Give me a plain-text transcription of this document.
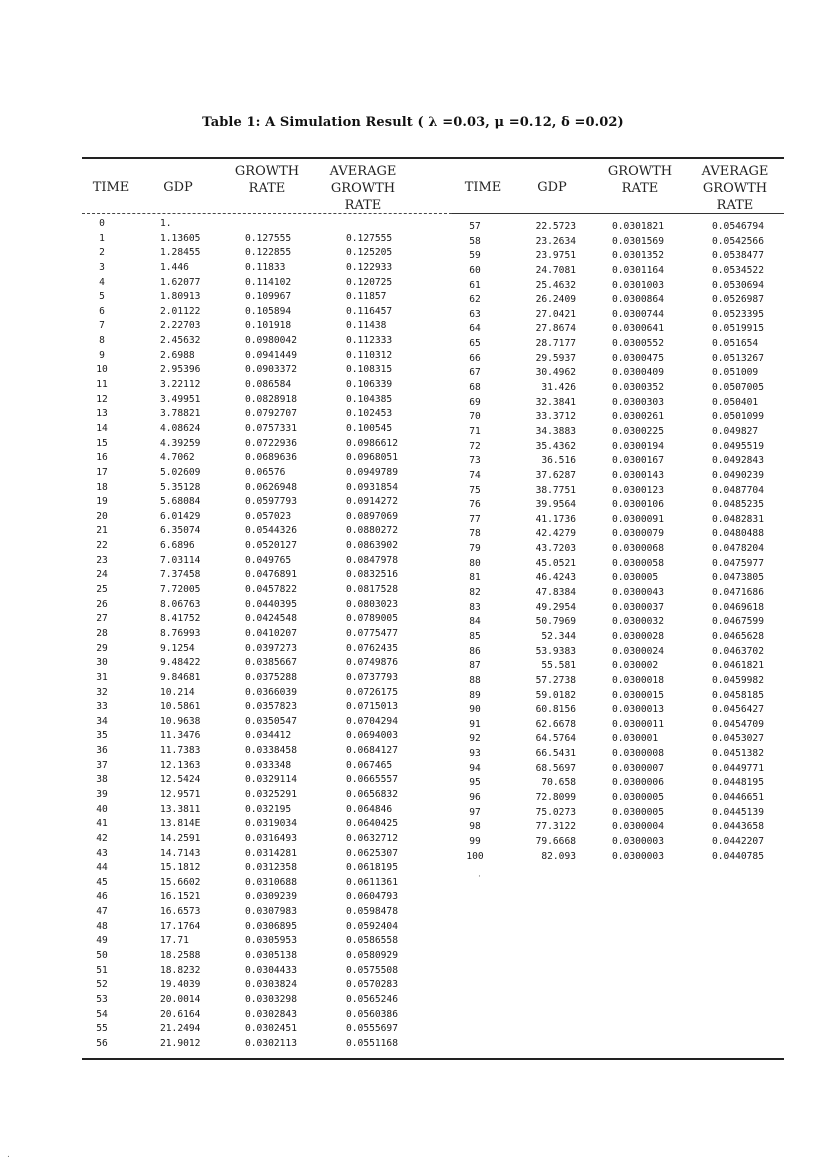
Table 1: A Simulation Result ( λ =0.03, μ =0.12, δ =0.02)
TIME	GDP
GROWTH
RATE
AVERAGE
GROWTH
RATE
TIME	GDP
GROWTH
RATE
AVERAGE
GROWTH
RATE
0
1
2
3
4
5
6
7
8
9
10
11
12
13
14
15
16
17
18
19
20
21
22
23
24
25
26
27
28
29
30
31
32
33
34
35
36
37
38
39
40
41
42
43
44
45
46
47
48
49
50
51
52
53
54
55
56
1.
1.13605
1.28455
1.446
1.62077
1.80913
2.01122
2.22703
2.45632
2.6988
2.95396
3.22112
3.49951
3.78821
4.08624
4.39259
4.7062
5.02609
5.35128
5.68084
6.01429
6.35074
6.6896
7.03114
7.37458
7.72005
8.06763
8.41752
8.76993
9.1254
9.48422
9.84681
10.214
10.5861
10.9638
11.3476
11.7383
12.1363
12.5424
12.9571
13.3811
13.814E
14.2591
14.7143
15.1812
15.6602
16.1521
16.6573
17.1764
17.71
18.2588
18.8232
19.4039
20.0014
20.6164
21.2494
21.9012
0.127555
0.122855
0.11833
0.114102
0.109967
0.105894
0.101918
0.0980042
0.0941449
0.0903372
0.086584
0.0828918
0.0792707
0.0757331
0.0722936
0.0689636
0.06576
0.0626948
0.0597793
0.057023
0.0544326
0.0520127
0.049765
0.0476891
0.0457822
0.0440395
0.0424548
0.0410207
0.0397273
0.0385667
0.0375288
0.0366039
0.0357823
0.0350547
0.034412
0.0338458
0.033348
0.0329114
0.0325291
0.032195
0.0319034
0.0316493
0.0314281
0.0312358
0.0310688
0.0309239
0.0307983
0.0306895
0.0305953
0.0305138
0.0304433
0.0303824
0.0303298
0.0302843
0.0302451
0.0302113
0.127555
0.125205
0.122933
0.120725
0.11857
0.116457
0.11438
0.112333
0.110312
0.108315
0.106339
0.104385
0.102453
0.100545
0.0986612
0.0968051
0.0949789
0.0931854
0.0914272
0.0897069
0.0880272
0.0863902
0.0847978
0.0832516
0.0817528
0.0803023
0.0789005
0.0775477
0.0762435
0.0749876
0.0737793
0.0726175
0.0715013
0.0704294
0.0694003
0.0684127
0.067465
0.0665557
0.0656832
0.064846
0.0640425
0.0632712
0.0625307
0.0618195
0.0611361
0.0604793
0.0598478
0.0592404
0.0586558
0.0580929
0.0575508
0.0570283
0.0565246
0.0560386
0.0555697
0.0551168
57
58
59
60
61
62
63
64
65
66
67
68
69
70
71
72
73
74
75
76
77
78
79
80
81
82
83
84
85
86
87
88
89
90
91
92
93
94
95
96
97
98
99
100
22.5723
23.2634
23.9751
24.7081
25.4632
26.2409
27.0421
27.8674
28.7177
29.5937
30.4962
31.426
32.3841
33.3712
34.3883
35.4362
36.516
37.6287
38.7751
39.9564
41.1736
42.4279
43.7203
45.0521
46.4243
47.8384
49.2954
50.7969
52.344
53.9383
55.581
57.2738
59.0182
60.8156
62.6678
64.5764
66.5431
68.5697
70.658
72.8099
75.0273
77.3122
79.6668
82.093
0.0301821
0.0301569
0.0301352
0.0301164
0.0301003
0.0300864
0.0300744
0.0300641
0.0300552
0.0300475
0.0300409
0.0300352
0.0300303
0.0300261
0.0300225
0.0300194
0.0300167
0.0300143
0.0300123
0.0300106
0.0300091
0.0300079
0.0300068
0.0300058
0.030005
0.0300043
0.0300037
0.0300032
0.0300028
0.0300024
0.030002
0.0300018
0.0300015
0.0300013
0.0300011
0.030001
0.0300008
0.0300007
0.0300006
0.0300005
0.0300005
0.0300004
0.0300003
0.0300003
0.0546794
0.0542566
0.0538477
0.0534522
0.0530694
0.0526987
0.0523395
0.0519915
0.051654
0.0513267
0.051009
0.0507005
0.050401
0.0501099
0.049827
0.0495519
0.0492843
0.0490239
0.0487704
0.0485235
0.0482831
0.0480488
0.0478204
0.0475977
0.0473805
0.0471686
0.0469618
0.0467599
0.0465628
0.0463702
0.0461821
0.0459982
0.0458185
0.0456427
0.0454709
0.0453027
0.0451382
0.0449771
0.0448195
0.0446651
0.0445139
0.0443658
0.0442207
0.0440785
·
.
